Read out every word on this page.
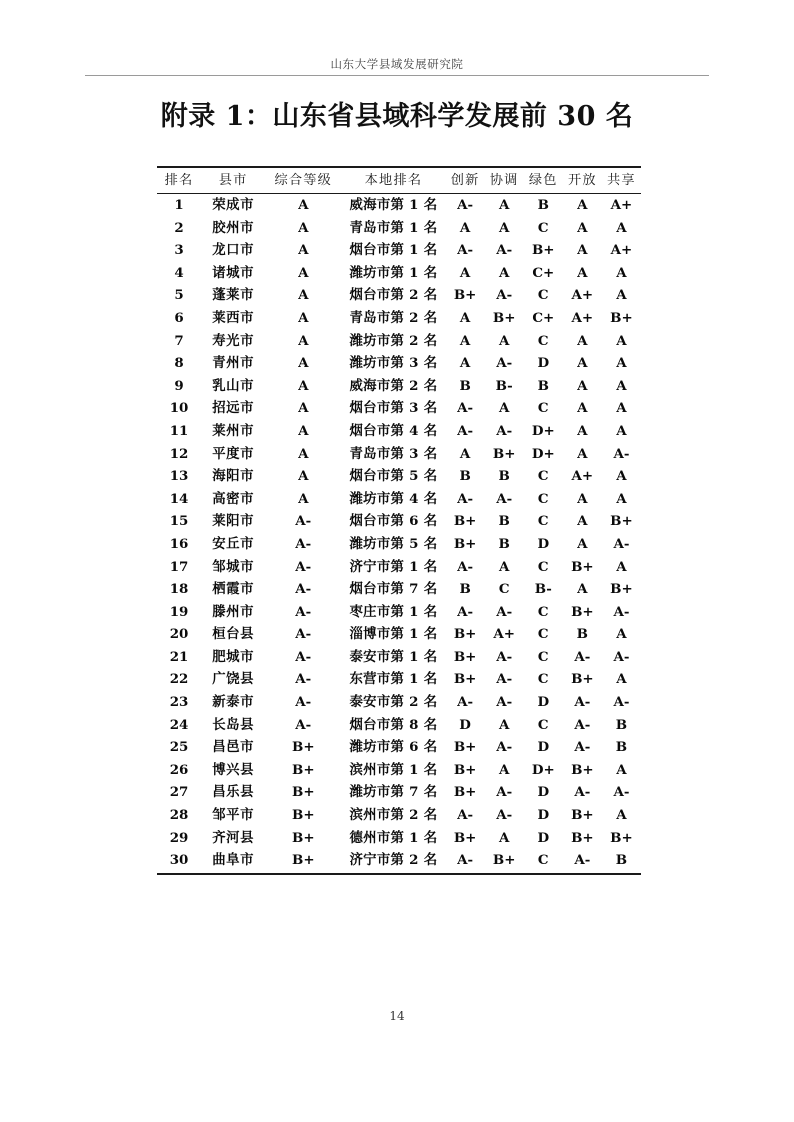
山东大学县域发展研究院
附录 1：山东省县域科学发展前 30 名
排名	县市	综合等级	本地排名	创新	协调	绿色	开放	共享
1	荣成市	A	威海市第 1 名	A-	A	B	A	A+
2	胶州市	A	青岛市第 1 名	A	A	C	A	A
3	龙口市	A	烟台市第 1 名	A-	A-	B+	A	A+
4	诸城市	A	潍坊市第 1 名	A	A	C+	A	A
5	蓬莱市	A	烟台市第 2 名	B+	A-	C	A+	A
6	莱西市	A	青岛市第 2 名	A	B+	C+	A+	B+
7	寿光市	A	潍坊市第 2 名	A	A	C	A	A
8	青州市	A	潍坊市第 3 名	A	A-	D	A	A
9	乳山市	A	威海市第 2 名	B	B-	B	A	A
10	招远市	A	烟台市第 3 名	A-	A	C	A	A
11	莱州市	A	烟台市第 4 名	A-	A-	D+	A	A
12	平度市	A	青岛市第 3 名	A	B+	D+	A	A-
13	海阳市	A	烟台市第 5 名	B	B	C	A+	A
14	高密市	A	潍坊市第 4 名	A-	A-	C	A	A
15	莱阳市	A-	烟台市第 6 名	B+	B	C	A	B+
16	安丘市	A-	潍坊市第 5 名	B+	B	D	A	A-
17	邹城市	A-	济宁市第 1 名	A-	A	C	B+	A
18	栖霞市	A-	烟台市第 7 名	B	C	B-	A	B+
19	滕州市	A-	枣庄市第 1 名	A-	A-	C	B+	A-
20	桓台县	A-	淄博市第 1 名	B+	A+	C	B	A
21	肥城市	A-	泰安市第 1 名	B+	A-	C	A-	A-
22	广饶县	A-	东营市第 1 名	B+	A-	C	B+	A
23	新泰市	A-	泰安市第 2 名	A-	A-	D	A-	A-
24	长岛县	A-	烟台市第 8 名	D	A	C	A-	B
25	昌邑市	B+	潍坊市第 6 名	B+	A-	D	A-	B
26	博兴县	B+	滨州市第 1 名	B+	A	D+	B+	A
27	昌乐县	B+	潍坊市第 7 名	B+	A-	D	A-	A-
28	邹平市	B+	滨州市第 2 名	A-	A-	D	B+	A
29	齐河县	B+	德州市第 1 名	B+	A	D	B+	B+
30	曲阜市	B+	济宁市第 2 名	A-	B+	C	A-	B
14
